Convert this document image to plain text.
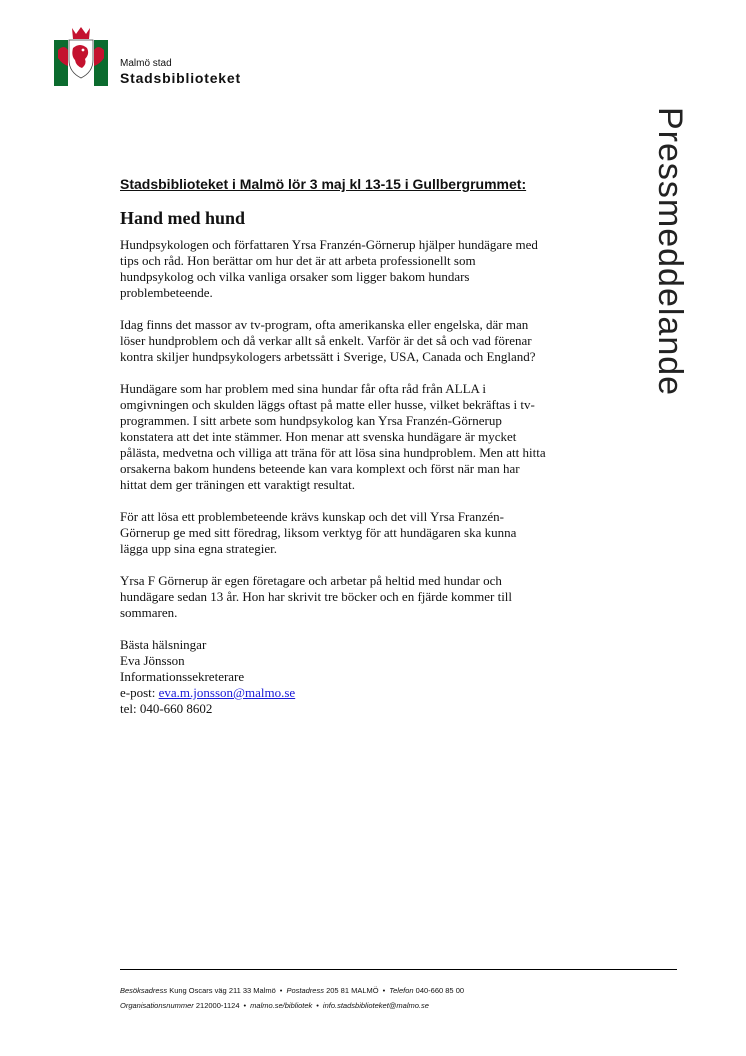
Malmö stad
Stadsbiblioteket
Pressmeddelande
Stadsbiblioteket i Malmö lör 3 maj kl 13-15 i Gullbergrummet:
Hand med hund
Hundpsykologen och författaren Yrsa Franzén-Görnerup hjälper hundägare med
tips och råd. Hon berättar om hur det är att arbeta professionellt som
hundpsykolog och vilka vanliga orsaker som ligger bakom hundars
problembeteende.
Idag finns det massor av tv-program, ofta amerikanska eller engelska, där man
löser hundproblem och då verkar allt så enkelt. Varför är det så och vad förenar
kontra skiljer hundpsykologers arbetssätt i Sverige, USA, Canada och England?
Hundägare som har problem med sina hundar får ofta råd från ALLA i
omgivningen och skulden läggs oftast på matte eller husse, vilket bekräftas i tv-
programmen. I sitt arbete som hundpsykolog kan Yrsa Franzén-Görnerup
konstatera att det inte stämmer. Hon menar att svenska hundägare är mycket
pålästa, medvetna och villiga att träna för att lösa sina hundproblem. Men att hitta
orsakerna bakom hundens beteende kan vara komplext och först när man har
hittat dem ger träningen ett varaktigt resultat.
För att lösa ett problembeteende krävs kunskap och det vill Yrsa Franzén-
Görnerup ge med sitt föredrag, liksom verktyg för att hundägaren ska kunna
lägga upp sina egna strategier.
Yrsa F Görnerup är egen företagare och arbetar på heltid med hundar och
hundägare sedan 13 år. Hon har skrivit tre böcker och en fjärde kommer till
sommaren.
Bästa hälsningar
Eva Jönsson
Informationssekreterare
e-post: eva.m.jonsson@malmo.se
tel: 040-660 8602
Besöksadress Kung Oscars väg 211 33 Malmö • Postadress 205 81 MALMÖ • Telefon 040-660 85 00
Organisationsnummer 212000-1124 • malmo.se/bibliotek • info.stadsbiblioteket@malmo.se
